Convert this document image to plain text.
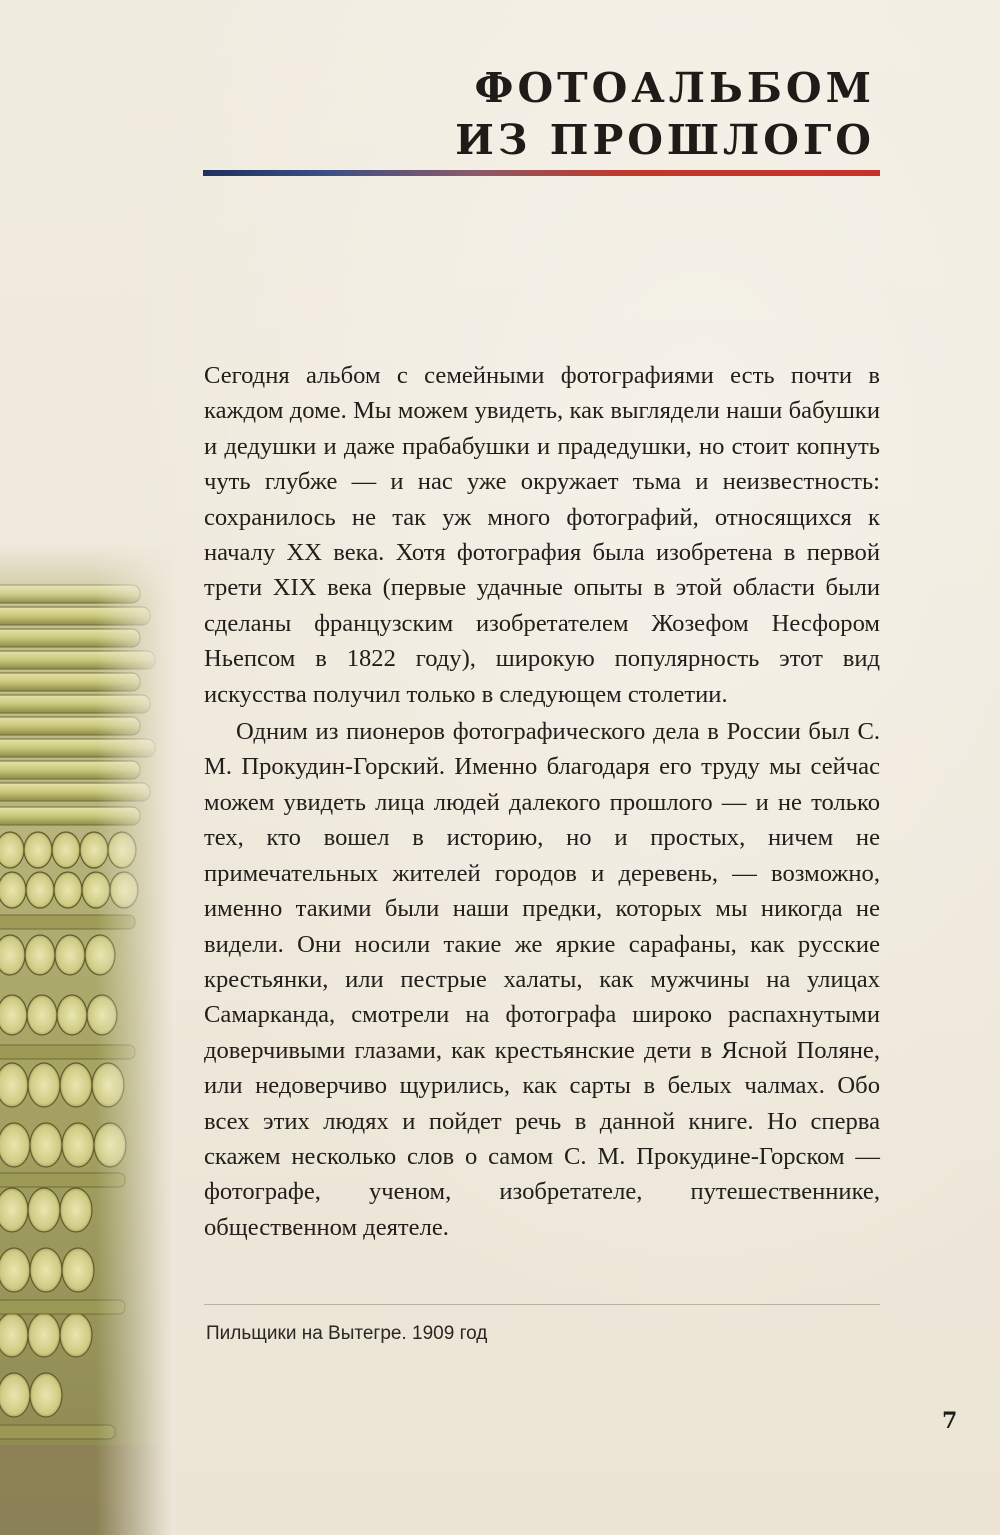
ФОТОАЛЬБОМ
ИЗ ПРОШЛОГО

Сегодня альбом с семейными фотографиями есть почти в каждом доме. Мы можем увидеть, как выглядели наши бабушки и дедушки и даже прабабушки и прадедушки, но стоит копнуть чуть глубже — и нас уже окружает тьма и неизвестность: сохранилось не так уж много фотографий, относящихся к началу XX века. Хотя фотография была изобретена в первой трети XIX века (первые удачные опыты в этой области были сделаны французским изобретателем Жозефом Несфором Ньепсом в 1822 году), широкую популярность этот вид искусства получил только в следующем столетии.

Одним из пионеров фотографического дела в России был С. М. Прокудин-Горский. Именно благодаря его труду мы сейчас можем увидеть лица людей далекого прошлого — и не только тех, кто вошел в историю, но и простых, ничем не примечательных жителей городов и деревень, — возможно, именно такими были наши предки, которых мы никогда не видели. Они носили такие же яркие сарафаны, как русские крестьянки, или пестрые халаты, как мужчины на улицах Самарканда, смотрели на фотографа широко распахнутыми доверчивыми глазами, как крестьянские дети в Ясной Поляне, или недоверчиво щурились, как сарты в белых чалмах. Обо всех этих людях и пойдет речь в данной книге. Но сперва скажем несколько слов о самом С. М. Прокудине-Горском — фотографе, ученом, изобретателе, путешественнике, общественном деятеле.

Пильщики на Вытегре. 1909 год
7
